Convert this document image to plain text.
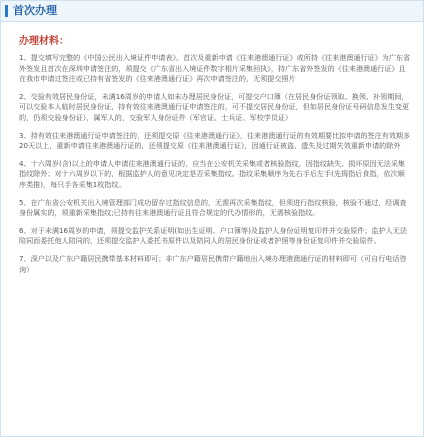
首次办理
办理材料：

1、提交填写完整的《中国公民出入境证件申请表》。首次及重新申请《往来港澳通行证》或所持《往来港澳通行证》为广东省外签发且首次在深圳申请签注的，须提交《广东省出入境证件数字相片采集回执》，持广东省外签发的《往来港澳通行证》且在我市申请过签注或已持有省签发的《往来港澳通行证》再次申请签注的，无须提交照片

2、交验有效居民身份证，未满16周岁的申请人如未办理居民身份证，可提交户口簿（在居民身份证领取、换领、补领期间，可以交验本人临时居民身份证，持有效往来港澳通行证申请签注的，可不提交居民身份证，但如居民身份证号码信息发生变更的，仍须交验身份证），属军人的，交验军人身份证件（军官证、士兵证、军校学员证）

3、持有效往来港澳通行证申请签注的，还须提交原《往来港澳通行证》，往来港澳通行证的有效期要比拟申请的签注有效期多20天以上，重新申请往来港澳通行证的，还须提交原《往来港澳通行证》，因通行证被盗、遗失及过期失效重新申请的除外

4、十六周岁(含)以上的申请人申请往来港澳通行证的，应当在公安机关采集或者核验指纹，因指纹缺失、损坏原因无法采集指纹除外；对十六周岁以下的，根据监护人的意见决定是否采集指纹。指纹采集顺序为先右手后左手(先拇指后食指，依次顺序类推)，每只手各采集1枚指纹。

5、在广东省公安机关出入境管理部门成功留存过指纹信息的，无需再次采集指纹，但须进行指纹核验，核验不通过，经调查身份属实的，须重新采集指纹;已持有往来港澳通行证且符合规定的代办情形的，无需核验指纹。

6、对于未满16周岁的申请，须提交监护关系证明(如出生证明、户口簿等)及监护人身份证明复印件并交验原件；监护人无法陪同而委托他人陪同的，还须提交监护人委托书原件以及陪同人的居民身份证或者护照等身份证复印件并交验原件。

7、深户以及广东户籍居民携带基本材料即可；非广东户籍居民携带户籍地出入境办理港澳通行证的材料即可（可自行电话咨询）
